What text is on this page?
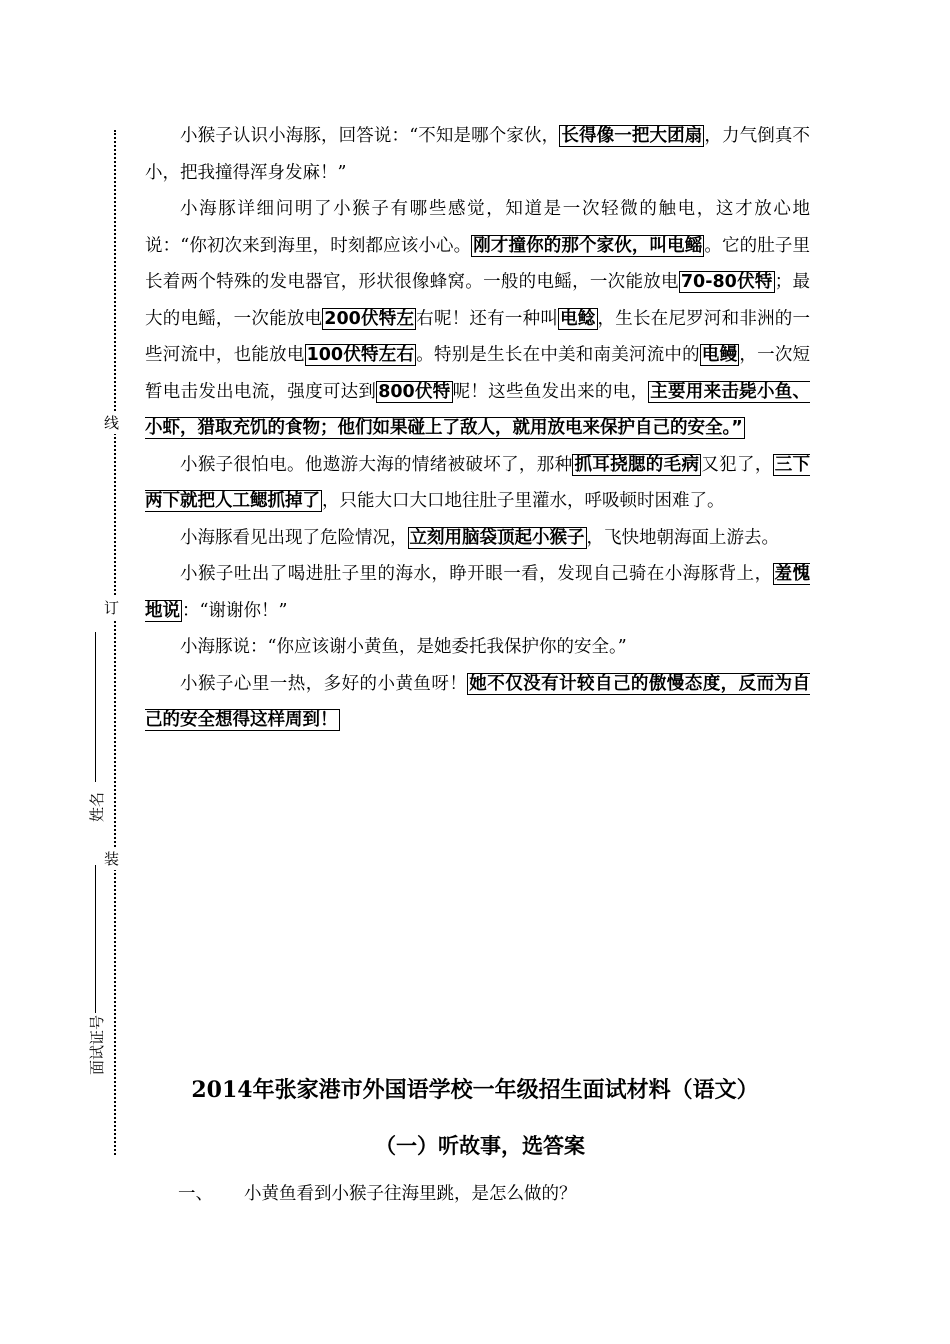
线
订
装
姓名
面试证号

小猴子认识小海豚，回答说：“不知是哪个家伙， 长得像一把大团扇 ，力气倒真不小，把我撞得浑身发麻！”

小海豚详细问明了小猴子有哪些感觉，知道是一次轻微的触电，这才放心地说：“你初次来到海里，时刻都应该小心。 刚才撞你的那个家伙，叫电鳐 。它的肚子里长着两个特殊的发电器官，形状很像蜂窝。一般的电鳐，一次能放电 70-80伏特 ；最大的电鳐，一次能放电 200伏特左 右呢！还有一种叫 电鲶 ，生长在尼罗河和非洲的一些河流中，也能放电 100伏特左右 。特别是生长在中美和南美河流中的 电鳗 ，一次短暂电击发出电流，强度可达到 800伏特 呢！这些鱼发出来的电， 主要用来击毙小鱼、小虾，猎取充饥的食物；他们如果碰上了敌人，就用放电来保护自己的安全。”

小猴子很怕电。他遨游大海的情绪被破坏了，那种 抓耳挠腮的毛病 又犯了， 三下两下就把人工鳃抓掉了 ，只能大口大口地往肚子里灌水，呼吸顿时困难了。

小海豚看见出现了危险情况， 立刻用脑袋顶起小猴子 ，飞快地朝海面上游去。

小猴子吐出了喝进肚子里的海水，睁开眼一看，发现自己骑在小海豚背上， 羞愧地说 ：“谢谢你！”

小海豚说：“你应该谢小黄鱼，是她委托我保护你的安全。”

小猴子心里一热，多好的小黄鱼呀！ 她不仅没有计较自己的傲慢态度，反而为自己的安全想得这样周到！

2014年张家港市外国语学校一年级招生面试材料（语文）
（一）听故事，选答案
一、 小黄鱼看到小猴子往海里跳，是怎么做的？
